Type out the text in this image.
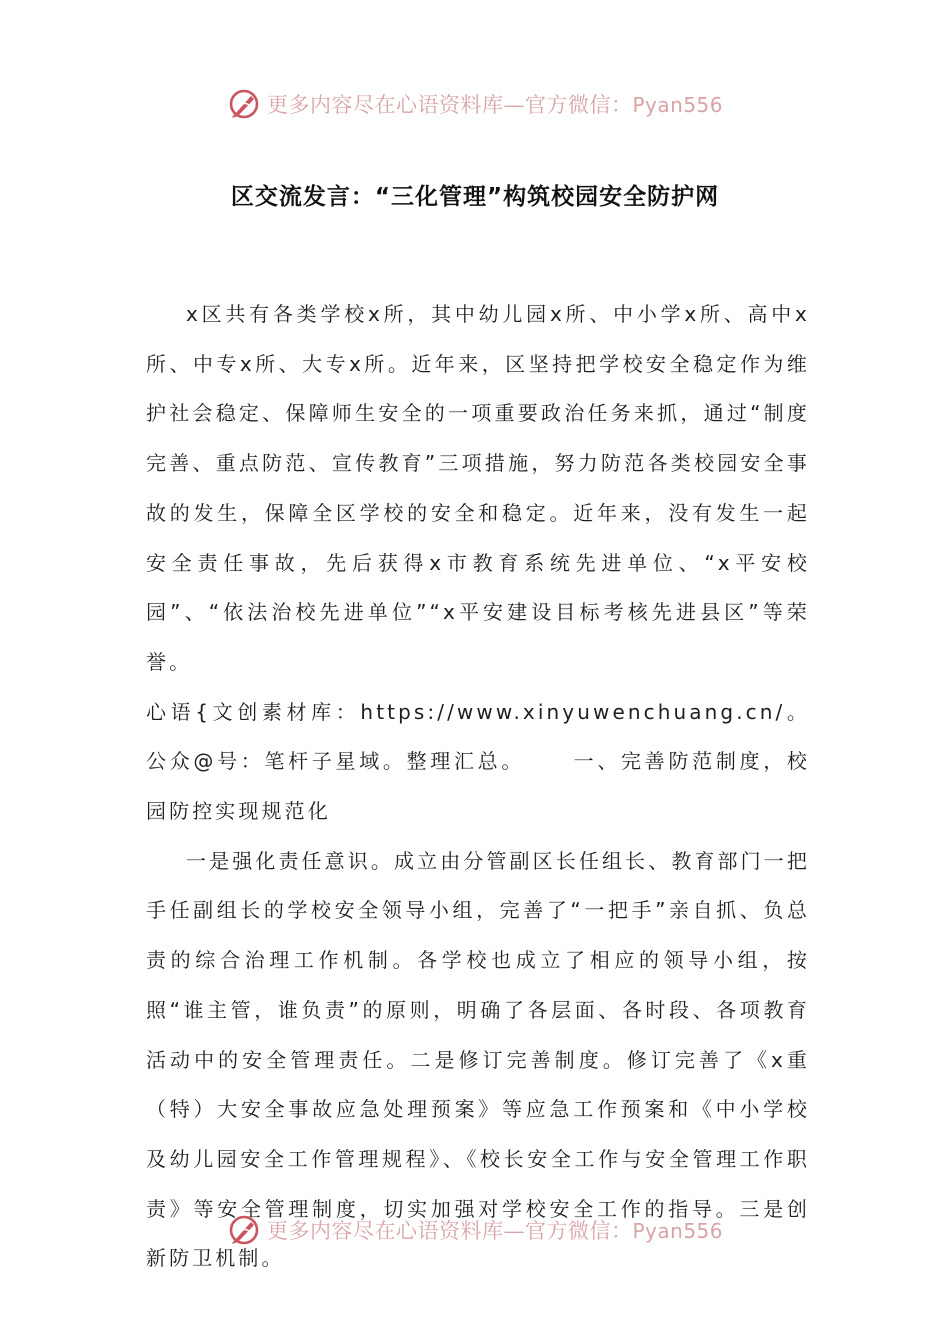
更多内容尽在心语资料库—官方微信：Pyan556
区交流发言：“三化管理”构筑校园安全防护网

x区共有各类学校x所，其中幼儿园x所、中小学x所、高中x所、中专x所、大专x所。近年来，区坚持把学校安全稳定作为维护社会稳定、保障师生安全的一项重要政治任务来抓，通过“制度完善、重点防范、宣传教育”三项措施，努力防范各类校园安全事故的发生，保障全区学校的安全和稳定。近年来，没有发生一起安全责任事故，先后获得x市教育系统先进单位、“x平安校园”、“依法治校先进单位”“x平安建设目标考核先进县区”等荣誉。

心语{文创素材库：https://www.xinyuwenchuang.cn/。公众@号：笔杆子星域。整理汇总。 一、完善防范制度，校园防控实现规范化

一是强化责任意识。成立由分管副区长任组长、教育部门一把手任副组长的学校安全领导小组，完善了“一把手”亲自抓、负总责的综合治理工作机制。各学校也成立了相应的领导小组，按照“谁主管，谁负责”的原则，明确了各层面、各时段、各项教育活动中的安全管理责任。二是修订完善制度。修订完善了《x重（特）大安全事故应急处理预案》等应急工作预案和《中小学校及幼儿园安全工作管理规程》、《校长安全工作与安全管理工作职责》等安全管理制度，切实加强对学校安全工作的指导。三是创新防卫机制。

更多内容尽在心语资料库—官方微信：Pyan556
